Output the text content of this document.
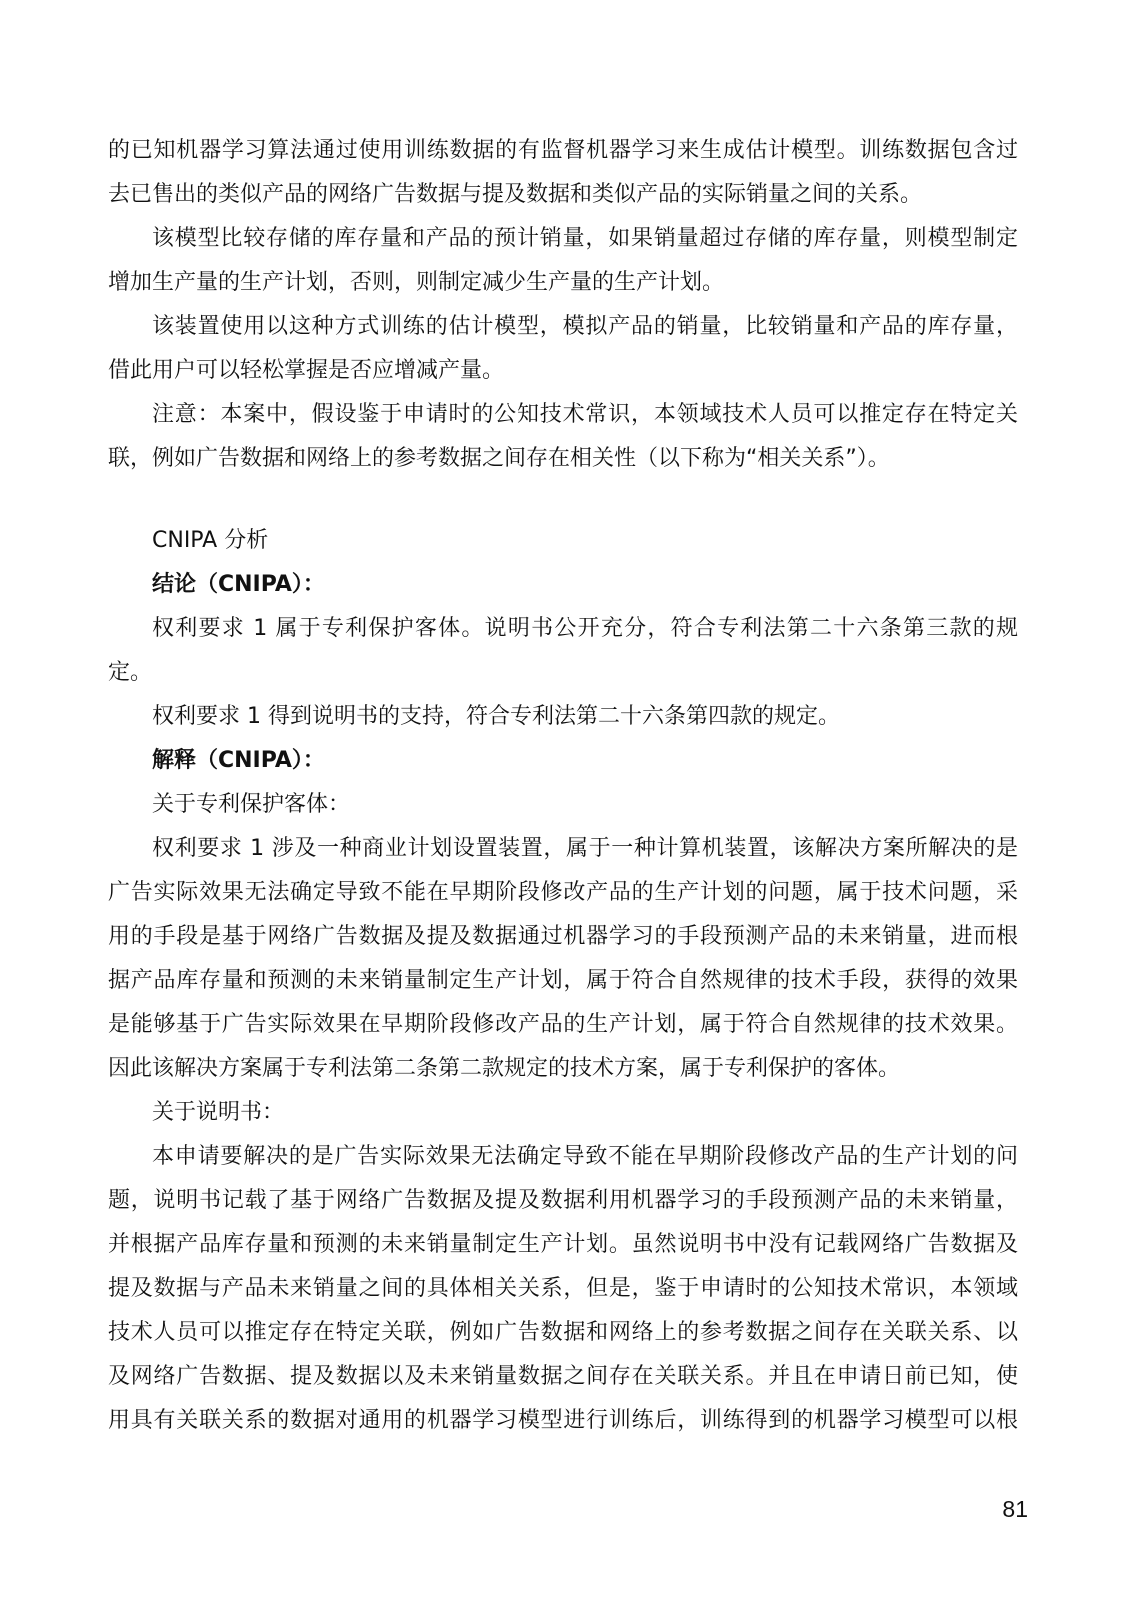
的已知机器学习算法通过使用训练数据的有监督机器学习来生成估计模型。训练数据包含过
去已售出的类似产品的网络广告数据与提及数据和类似产品的实际销量之间的关系。
该模型比较存储的库存量和产品的预计销量，如果销量超过存储的库存量，则模型制定
增加生产量的生产计划，否则，则制定减少生产量的生产计划。
该装置使用以这种方式训练的估计模型，模拟产品的销量，比较销量和产品的库存量，
借此用户可以轻松掌握是否应增减产量。
注意：本案中，假设鉴于申请时的公知技术常识，本领域技术人员可以推定存在特定关
联，例如广告数据和网络上的参考数据之间存在相关性（以下称为“相关关系”）。
CNIPA 分析
结论（CNIPA）：
权利要求 1 属于专利保护客体。说明书公开充分，符合专利法第二十六条第三款的规
定。
权利要求 1 得到说明书的支持，符合专利法第二十六条第四款的规定。
解释（CNIPA）：
关于专利保护客体：
权利要求 1 涉及一种商业计划设置装置，属于一种计算机装置，该解决方案所解决的是
广告实际效果无法确定导致不能在早期阶段修改产品的生产计划的问题，属于技术问题，采
用的手段是基于网络广告数据及提及数据通过机器学习的手段预测产品的未来销量，进而根
据产品库存量和预测的未来销量制定生产计划，属于符合自然规律的技术手段，获得的效果
是能够基于广告实际效果在早期阶段修改产品的生产计划，属于符合自然规律的技术效果。
因此该解决方案属于专利法第二条第二款规定的技术方案，属于专利保护的客体。
关于说明书：
本申请要解决的是广告实际效果无法确定导致不能在早期阶段修改产品的生产计划的问
题，说明书记载了基于网络广告数据及提及数据利用机器学习的手段预测产品的未来销量，
并根据产品库存量和预测的未来销量制定生产计划。虽然说明书中没有记载网络广告数据及
提及数据与产品未来销量之间的具体相关关系，但是，鉴于申请时的公知技术常识，本领域
技术人员可以推定存在特定关联，例如广告数据和网络上的参考数据之间存在关联关系、以
及网络广告数据、提及数据以及未来销量数据之间存在关联关系。并且在申请日前已知，使
用具有关联关系的数据对通用的机器学习模型进行训练后，训练得到的机器学习模型可以根
81
